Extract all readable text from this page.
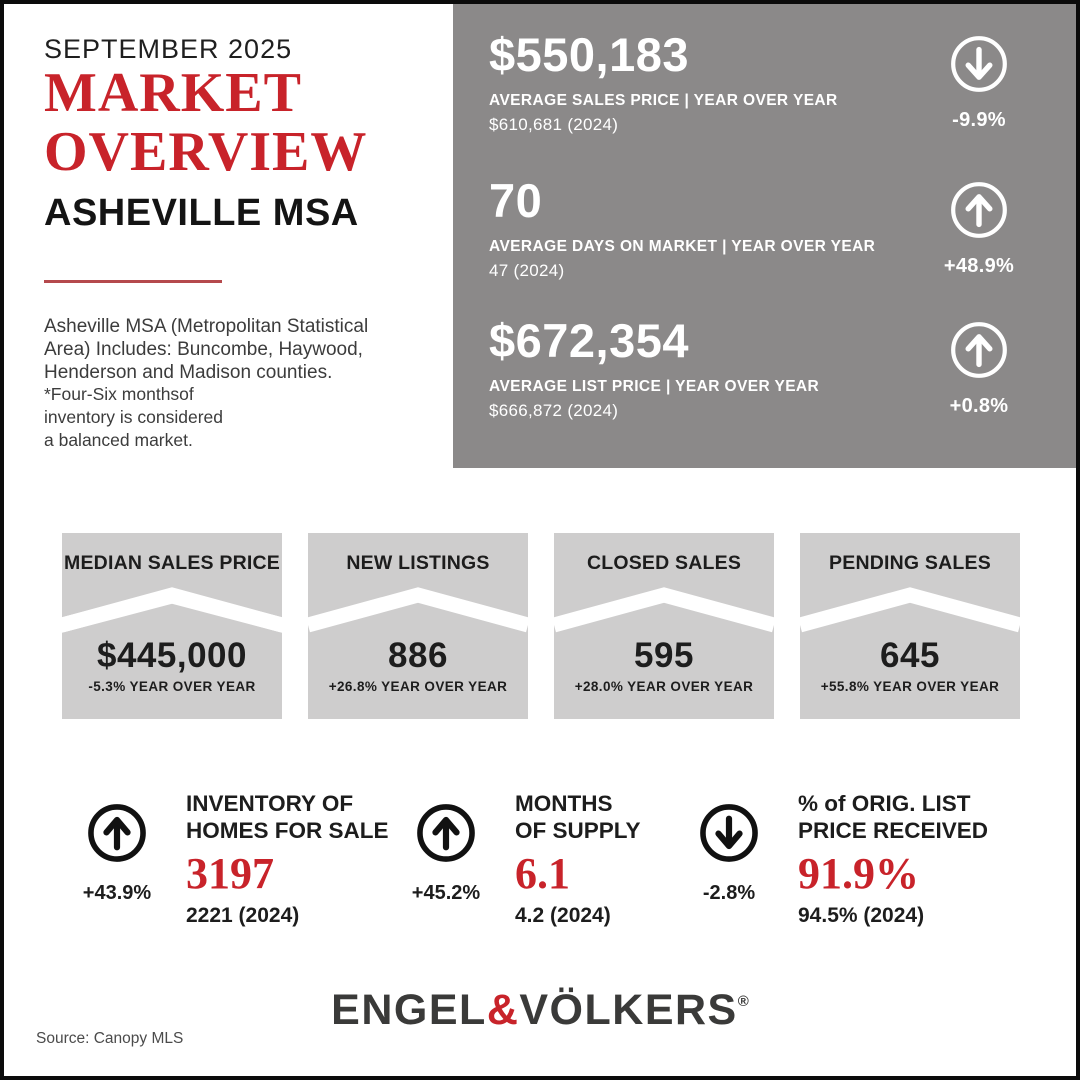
SEPTEMBER 2025
MARKET
OVERVIEW
ASHEVILLE MSA
Asheville MSA (Metropolitan Statistical Area) Includes: Buncombe, Haywood, Henderson and Madison counties.
*Four-Six monthsof
inventory is considered
a balanced market.
$550,183
AVERAGE SALES PRICE | YEAR OVER YEAR
$610,681 (2024)	-9.9%
70
AVERAGE DAYS ON MARKET | YEAR OVER YEAR
47 (2024)	+48.9%
$672,354
AVERAGE LIST PRICE | YEAR OVER YEAR
$666,872 (2024)	+0.8%
MEDIAN SALES PRICE
$445,000
-5.3% YEAR OVER YEAR
NEW LISTINGS
886
+26.8% YEAR OVER YEAR
CLOSED SALES
595
+28.0% YEAR OVER YEAR
PENDING SALES
645
+55.8% YEAR OVER YEAR
+43.9%
INVENTORY OF
HOMES FOR SALE
3197
2221 (2024)
+45.2%
MONTHS
OF SUPPLY
6.1
4.2 (2024)
-2.8%
% of ORIG. LIST
PRICE RECEIVED
91.9%
94.5% (2024)
ENGEL&VÖLKERS®
Source: Canopy MLS
